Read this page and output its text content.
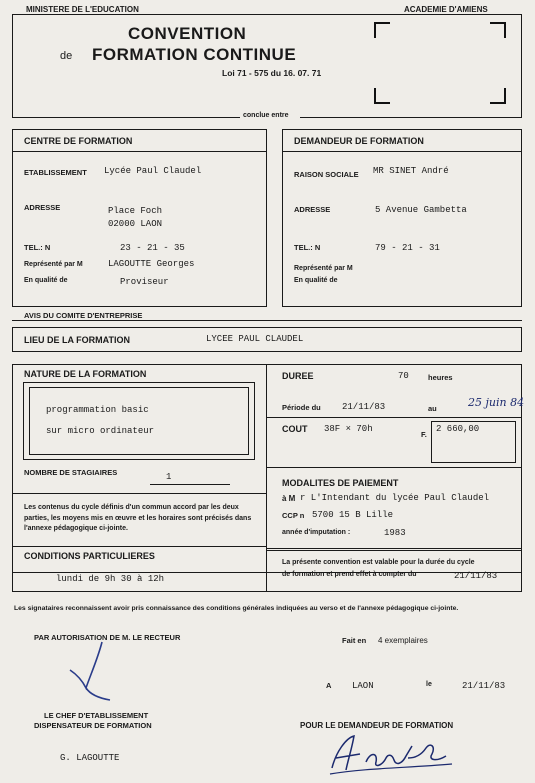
MINISTERE DE L'EDUCATION	ACADEMIE D'AMIENS
CONVENTION
de FORMATION CONTINUE
Loi 71 - 575 du 16. 07. 71
conclue entre
CENTRE DE FORMATION
ETABLISSEMENT Lycée Paul Claudel
ADRESSE	Place Foch
02000 LAON
TEL.: N	23 - 21 - 35
Représenté par M	LAGOUTTE Georges
En qualité de	Proviseur
DEMANDEUR DE FORMATION
RAISON SOCIALE MR SINET André
ADRESSE	5 Avenue Gambetta
TEL.: N	79 - 21 - 31
Représenté par M
En qualité de
AVIS DU COMITE D'ENTREPRISE
LIEU DE LA FORMATION	LYCEE PAUL CLAUDEL
NATURE DE LA FORMATION
programmation basic
sur micro ordinateur
NOMBRE DE STAGIAIRES	1
Les contenus du cycle définis d'un commun accord par les deux parties, les moyens mis en œuvre et les horaires sont précisés dans l'annexe pédagogique ci-jointe.
DUREE	70	heures
Période du 21/11/83	au	25 juin 84
COUT 38F × 70h
F.
2 660,00
MODALITES DE PAIEMENT
à M r L'Intendant du lycée Paul Claudel
CCP n 5700 15 B Lille
année d'imputation :	1983
La présente convention est valable pour la durée du cycle
de formation et prend effet à compter du	21/11/83
CONDITIONS PARTICULIERES
lundi de 9h 30 à 12h
Les signataires reconnaissent avoir pris connaissance des conditions générales indiquées au verso et de l'annexe pédagogique ci-jointe.
PAR AUTORISATION DE M. LE RECTEUR	Fait en 4 exemplaires
A LAON	le	21/11/83
LE CHEF D'ETABLISSEMENT
DISPENSATEUR DE FORMATION	POUR LE DEMANDEUR DE FORMATION
G. LAGOUTTE
